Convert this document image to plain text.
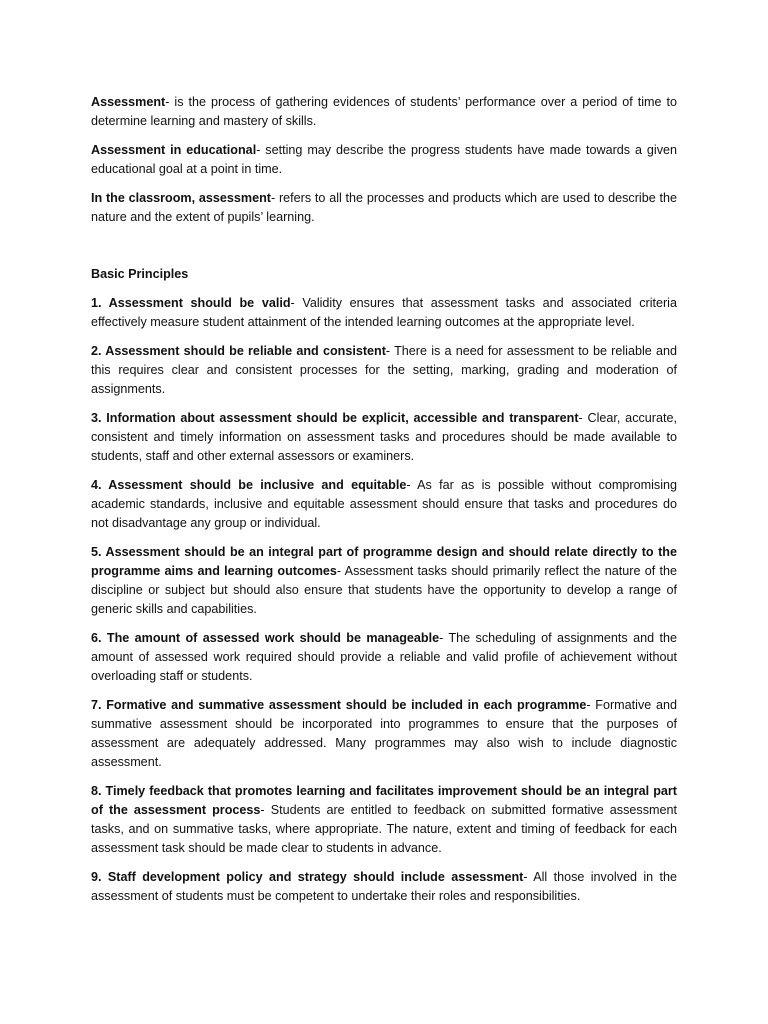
Assessment- is the process of gathering evidences of students’ performance over a period of time to determine learning and mastery of skills.

Assessment in educational- setting may describe the progress students have made towards a given educational goal at a point in time.

In the classroom, assessment- refers to all the processes and products which are used to describe the nature and the extent of pupils’ learning.

Basic Principles

1. Assessment should be valid- Validity ensures that assessment tasks and associated criteria effectively measure student attainment of the intended learning outcomes at the appropriate level.

2. Assessment should be reliable and consistent- There is a need for assessment to be reliable and this requires clear and consistent processes for the setting, marking, grading and moderation of assignments.

3. Information about assessment should be explicit, accessible and transparent- Clear, accurate, consistent and timely information on assessment tasks and procedures should be made available to students, staff and other external assessors or examiners.

4. Assessment should be inclusive and equitable- As far as is possible without compromising academic standards, inclusive and equitable assessment should ensure that tasks and procedures do not disadvantage any group or individual.

5. Assessment should be an integral part of programme design and should relate directly to the programme aims and learning outcomes- Assessment tasks should primarily reflect the nature of the discipline or subject but should also ensure that students have the opportunity to develop a range of generic skills and capabilities.

6. The amount of assessed work should be manageable- The scheduling of assignments and the amount of assessed work required should provide a reliable and valid profile of achievement without overloading staff or students.

7. Formative and summative assessment should be included in each programme- Formative and summative assessment should be incorporated into programmes to ensure that the purposes of assessment are adequately addressed. Many programmes may also wish to include diagnostic assessment.

8. Timely feedback that promotes learning and facilitates improvement should be an integral part of the assessment process- Students are entitled to feedback on submitted formative assessment tasks, and on summative tasks, where appropriate. The nature, extent and timing of feedback for each assessment task should be made clear to students in advance.

9. Staff development policy and strategy should include assessment- All those involved in the assessment of students must be competent to undertake their roles and responsibilities.
